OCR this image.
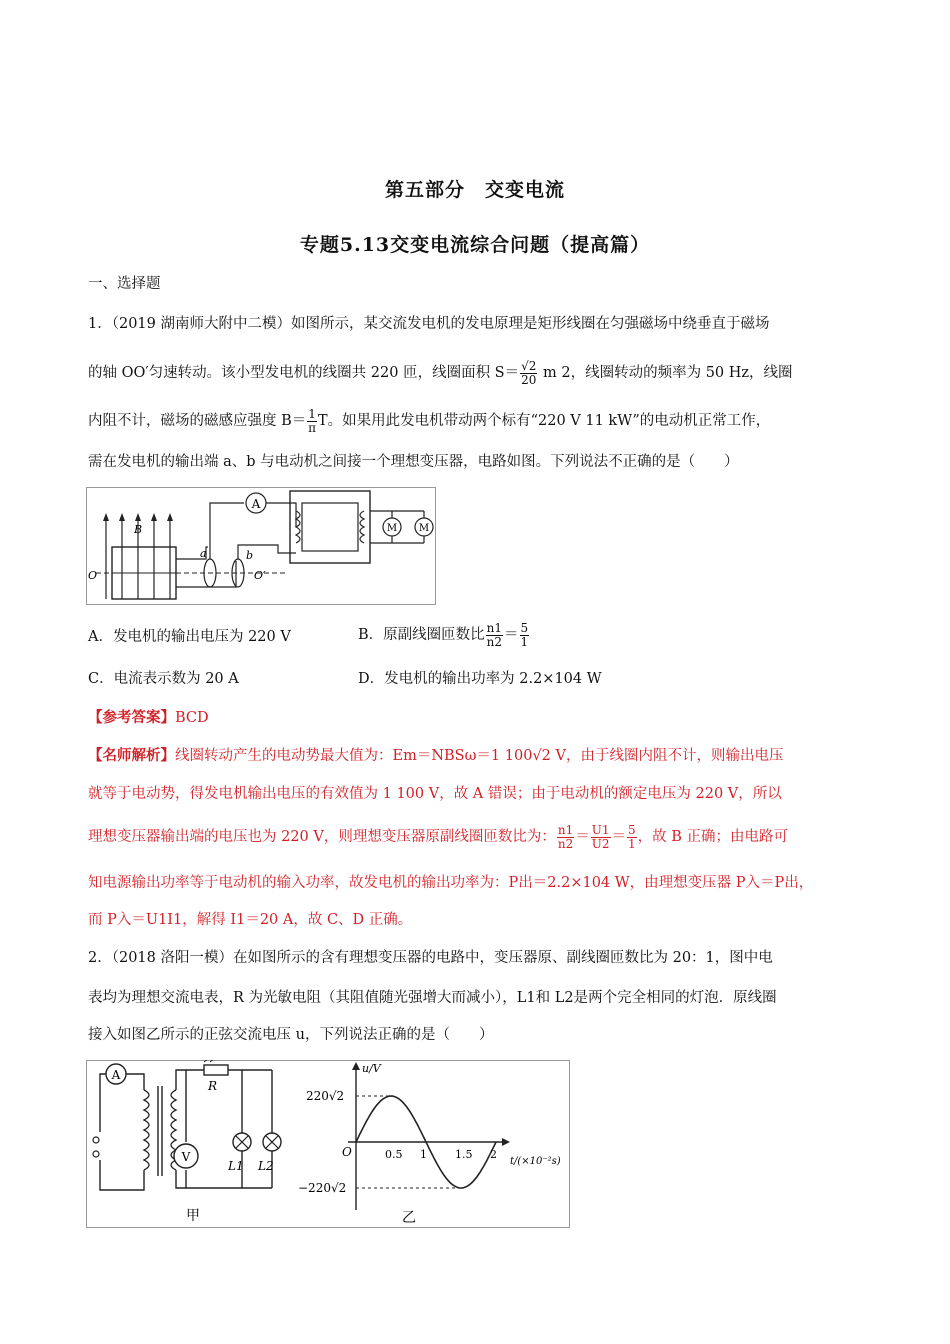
第五部分　交变电流
专题5.13交变电流综合问题（提高篇）
一、选择题
1．（2019 湖南师大附中二模）如图所示，某交流发电机的发电原理是矩形线圈在匀强磁场中绕垂直于磁场
的轴 OO′匀速转动。该小型发电机的线圈共 220 匝，线圈面积 $S= \frac{√2}{20}$ m 2，线圈转动的频率为 50 Hz，线圈
内阻不计，磁场的磁感应强度 $B= \frac{1}{\pi}$ T。如果用此发电机带动两个标有“220 V 11 kW”的电动机正常工作，
需在发电机的输出端 a、b 与电动机之间接一个理想变压器，电路如图。下列说法不正确的是（　　）
A
M M
B
O	O′
a	b
A．发电机的输出电压为 220 V	B．原副线圈匝数比 $\frac{n1}{n2} = \frac{5}{1}$
C．电流表示数为 20 A	D．发电机的输出功率为 2.2×104 W
【参考答案】BCD
【名师解析】线圈转动产生的电动势最大值为：Em＝NBSω＝1 100√2 V，由于线圈内阻不计，则输出电压
就等于电动势，得发电机输出电压的有效值为 1 100 V，故 A 错误；由于电动机的额定电压为 220 V，所以
理想变压器输出端的电压也为 220 V，则理想变压器原副线圈匝数比为： $\frac{n1}{n2} = \frac{U1}{U2} = \frac{5}{1}$ ，故 B 正确；由电路可
知电源输出功率等于电动机的输入功率，故发电机的输出功率为：P出＝2.2×104 W，由理想变压器 P入＝P出，
而 P入＝U1I1，解得 I1＝20 A，故 C、D 正确。
2．（2018 洛阳一模）在如图所示的含有理想变压器的电路中，变压器原、副线圈匝数比为 20：1，图中电
表均为理想交流电表，R 为光敏电阻（其阻值随光强增大而减小），L1和 L2是两个完全相同的灯泡．原线圈
接入如图乙所示的正弦交流电压 u，下列说法正确的是（　　）
A
V
R
L1 L2
甲	乙
u/V
220√2
−220√2
O
t/(×10⁻²s)
0.5 1	1.5 2
